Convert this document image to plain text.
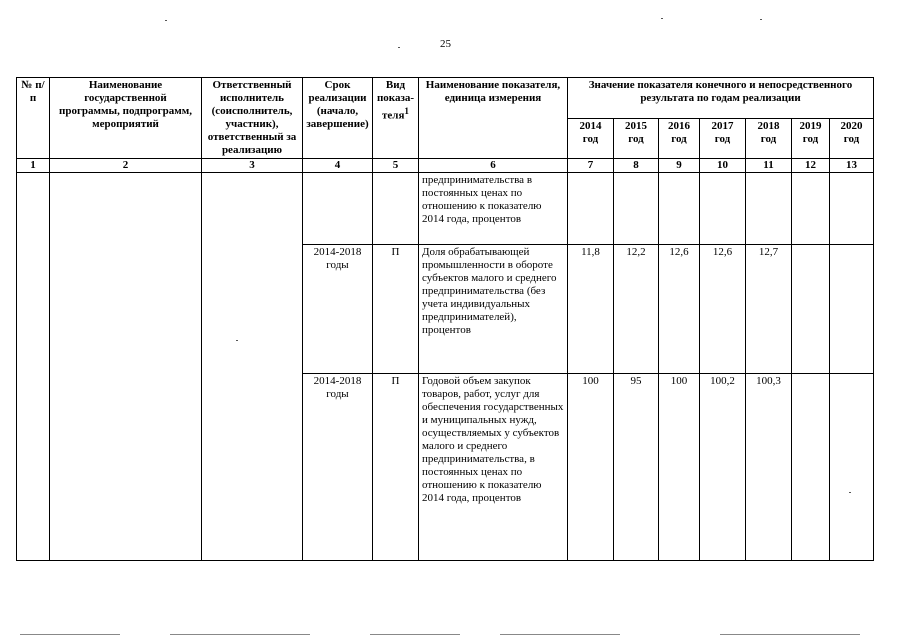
25
№ п/п	Наименование государственной программы, подпрограмм, мероприятий	Ответственный исполнитель (соисполнитель, участник), ответственный за реализацию	Срок реализации (начало, завершение)	Вид показа-теля$^1$	Наименование показателя, единица измерения	Значение показателя конечного и непосредственного результата по годам реализации						
						2014 год	2015 год	2016 год	2017 год	2018 год	2019 год	2020 год
1	2	3	4	5	6	7	8	9	10	11	12	13
					предпринимательства в постоянных ценах по отношению к показателю 2014 года, процентов							
			2014-2018 годы	П	Доля обрабатывающей промышленности в обороте субъектов малого и среднего предпринимательства (без учета индивидуальных предпринимателей), процентов	11,8	12,2	12,6	12,6	12,7		
			2014-2018 годы	П	Годовой объем закупок товаров, работ, услуг для обеспечения государственных и муниципальных нужд, осуществляемых у субъектов малого и среднего предпринимательства, в постоянных ценах по отношению к показателю 2014 года, процентов	100	95	100	100,2	100,3		
